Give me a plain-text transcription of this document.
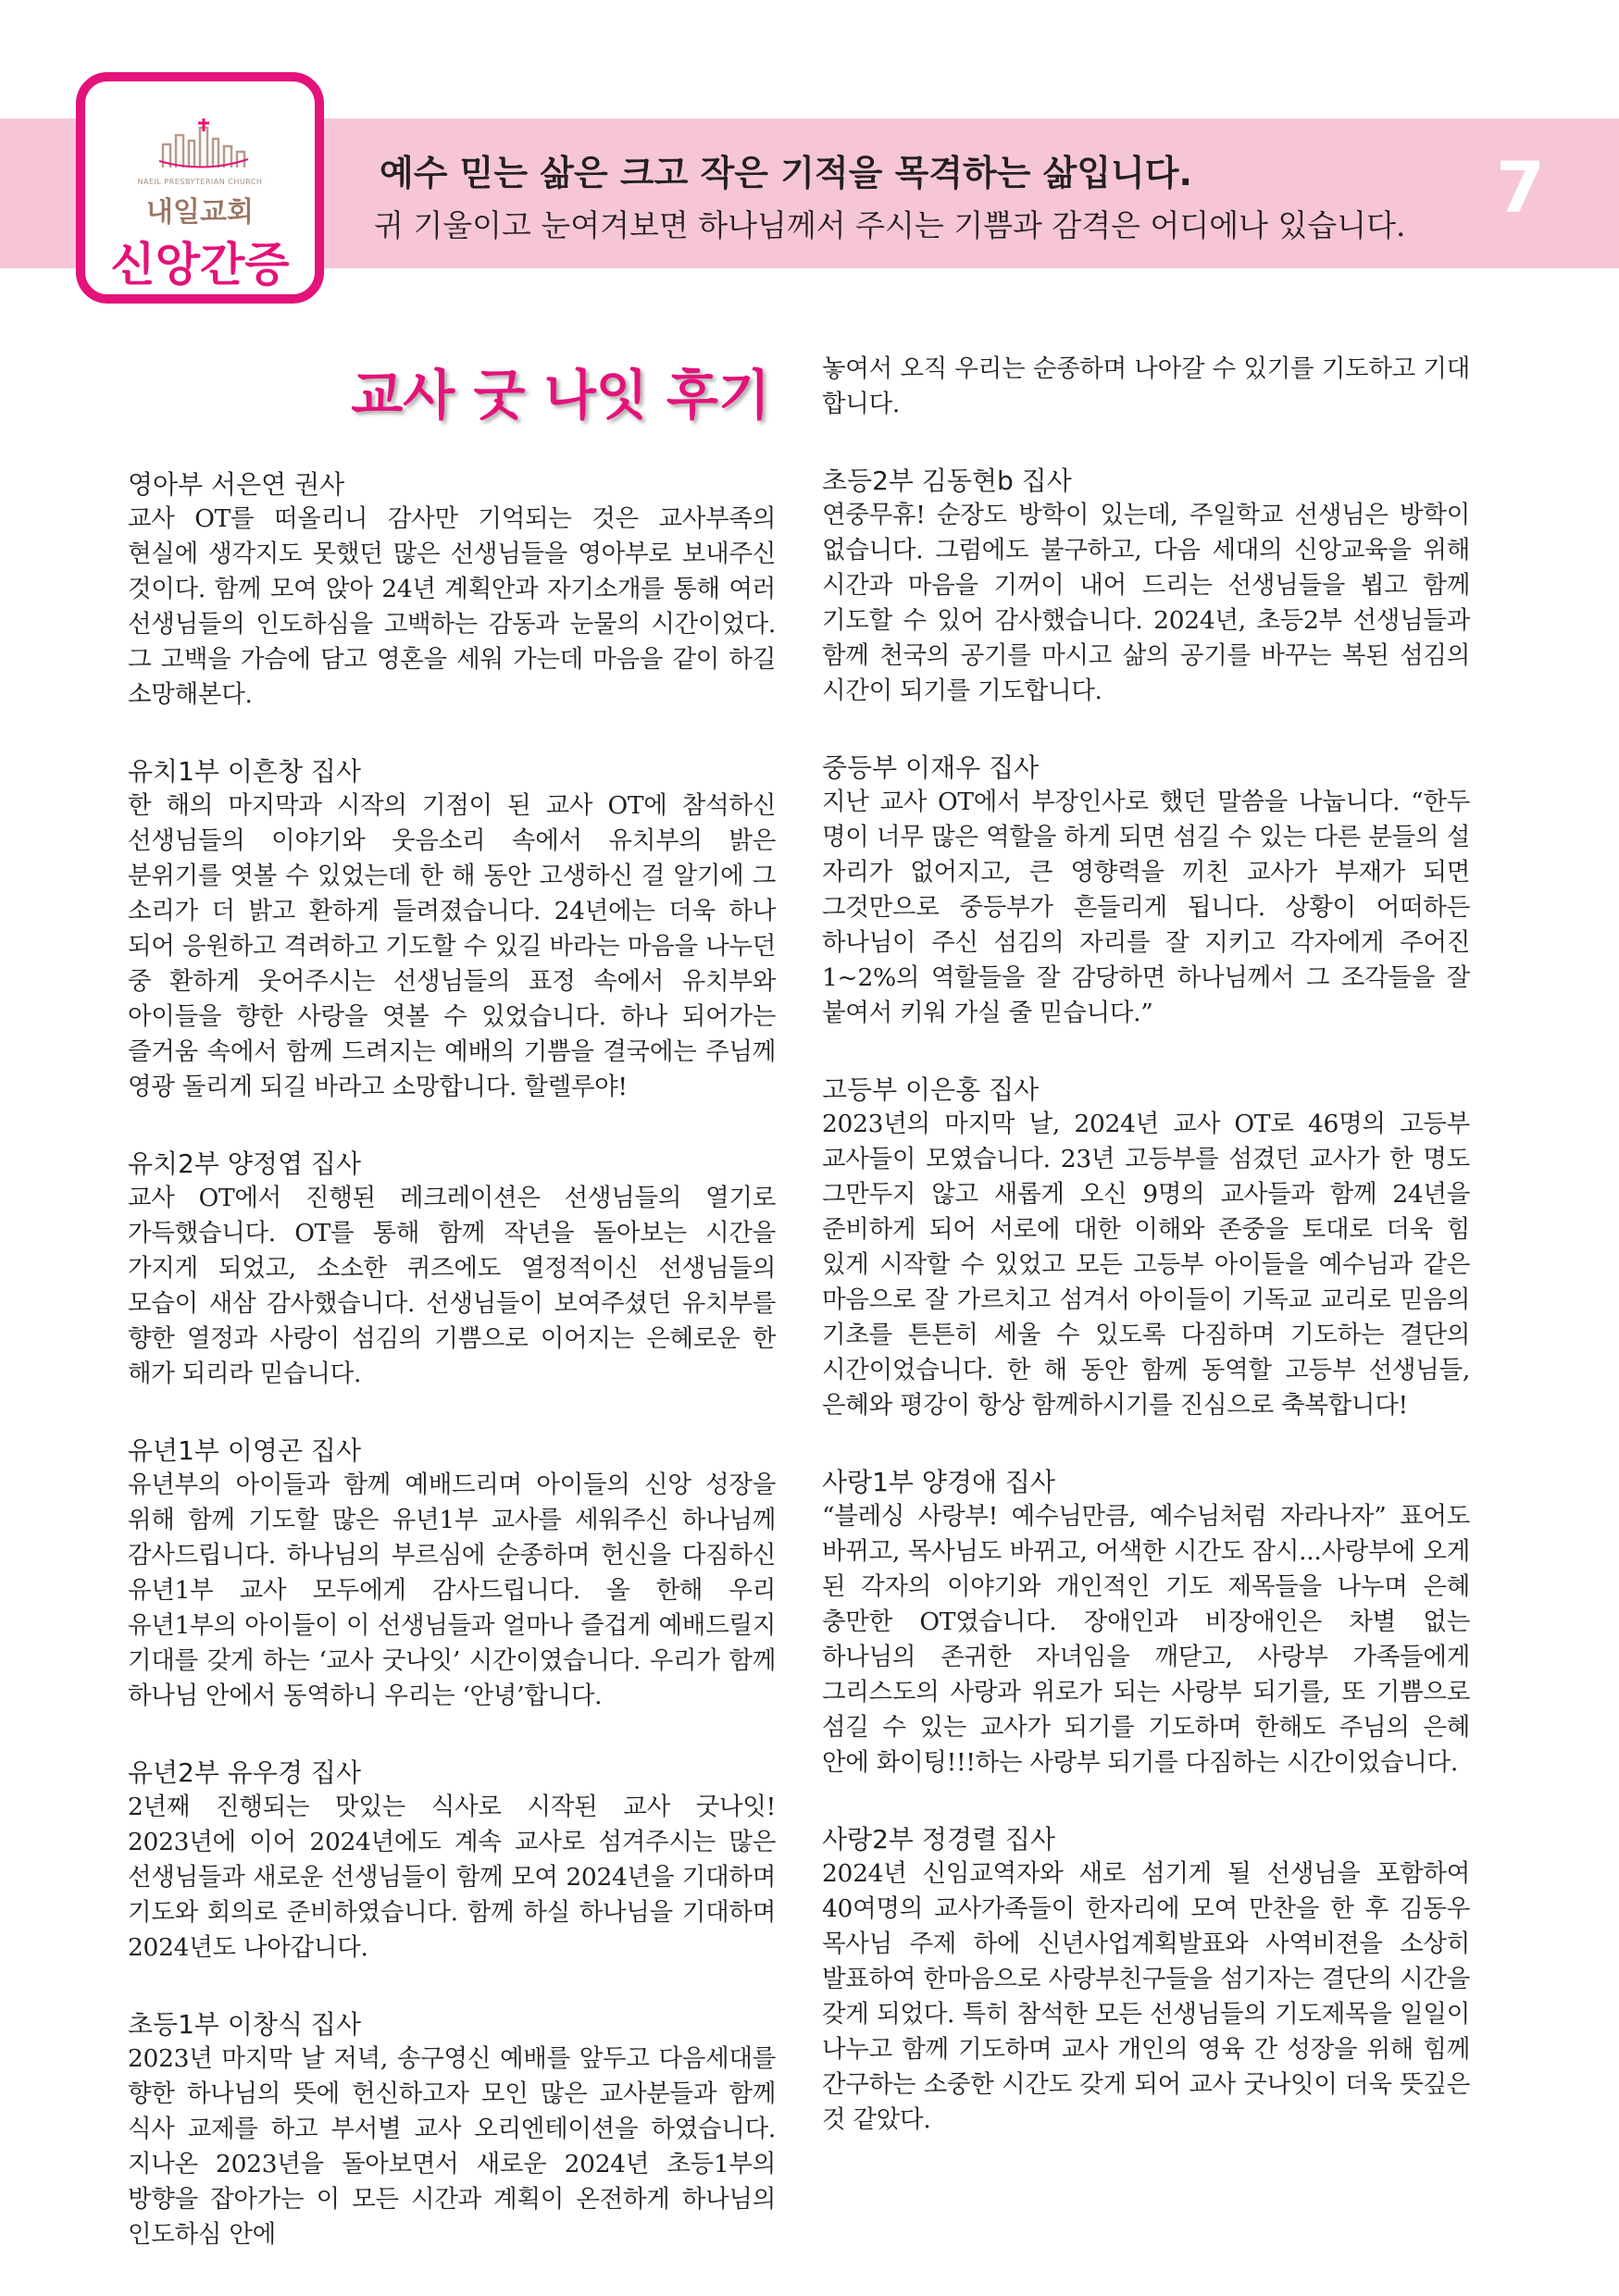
NAEIL PRESBYTERIAN CHURCH
내일교회
신앙간증
예수 믿는 삶은 크고 작은 기적을 목격하는 삶입니다.

귀 기울이고 눈여겨보면 하나님께서 주시는 기쁨과 감격은 어디에나 있습니다. 7
교사 굿 나잇 후기
영아부 서은연 권사

교사 OT를 떠올리니 감사만 기억되는 것은 교사부족의 현실에 생각지도 못했던 많은 선생님들을 영아부로 보내주신 것이다. 함께 모여 앉아 24년 계획안과 자기소개를 통해 여러 선생님들의 인도하심을 고백하는 감동과 눈물의 시간이었다. 그 고백을 가슴에 담고 영혼을 세워 가는데 마음을 같이 하길 소망해본다.

유치1부 이흔창 집사

한 해의 마지막과 시작의 기점이 된 교사 OT에 참석하신 선생님들의 이야기와 웃음소리 속에서 유치부의 밝은 분위기를 엿볼 수 있었는데 한 해 동안 고생하신 걸 알기에 그 소리가 더 밝고 환하게 들려졌습니다. 24년에는 더욱 하나 되어 응원하고 격려하고 기도할 수 있길 바라는 마음을 나누던 중 환하게 웃어주시는 선생님들의 표정 속에서 유치부와 아이들을 향한 사랑을 엿볼 수 있었습니다. 하나 되어가는 즐거움 속에서 함께 드려지는 예배의 기쁨을 결국에는 주님께 영광 돌리게 되길 바라고 소망합니다. 할렐루야!

유치2부 양정엽 집사

교사 OT에서 진행된 레크레이션은 선생님들의 열기로 가득했습니다. OT를 통해 함께 작년을 돌아보는 시간을 가지게 되었고, 소소한 퀴즈에도 열정적이신 선생님들의 모습이 새삼 감사했습니다. 선생님들이 보여주셨던 유치부를 향한 열정과 사랑이 섬김의 기쁨으로 이어지는 은혜로운 한 해가 되리라 믿습니다.

유년1부 이영곤 집사

유년부의 아이들과 함께 예배드리며 아이들의 신앙 성장을 위해 함께 기도할 많은 유년1부 교사를 세워주신 하나님께 감사드립니다. 하나님의 부르심에 순종하며 헌신을 다짐하신 유년1부 교사 모두에게 감사드립니다. 올 한해 우리 유년1부의 아이들이 이 선생님들과 얼마나 즐겁게 예배드릴지 기대를 갖게 하는 ‘교사 굿나잇’ 시간이였습니다. 우리가 함께 하나님 안에서 동역하니 우리는 ‘안녕’합니다.

유년2부 유우경 집사

2년째 진행되는 맛있는 식사로 시작된 교사 굿나잇! 2023년에 이어 2024년에도 계속 교사로 섬겨주시는 많은 선생님들과 새로운 선생님들이 함께 모여 2024년을 기대하며 기도와 회의로 준비하였습니다. 함께 하실 하나님을 기대하며 2024년도 나아갑니다.

초등1부 이창식 집사

2023년 마지막 날 저녁, 송구영신 예배를 앞두고 다음세대를 향한 하나님의 뜻에 헌신하고자 모인 많은 교사분들과 함께 식사 교제를 하고 부서별 교사 오리엔테이션을 하였습니다. 지나온 2023년을 돌아보면서 새로운 2024년 초등1부의 방향을 잡아가는 이 모든 시간과 계획이 온전하게 하나님의 인도하심 안에

놓여서 오직 우리는 순종하며 나아갈 수 있기를 기도하고 기대합니다.

초등2부 김동현b 집사

연중무휴! 순장도 방학이 있는데, 주일학교 선생님은 방학이 없습니다. 그럼에도 불구하고, 다음 세대의 신앙교육을 위해 시간과 마음을 기꺼이 내어 드리는 선생님들을 뵙고 함께 기도할 수 있어 감사했습니다. 2024년, 초등2부 선생님들과 함께 천국의 공기를 마시고 삶의 공기를 바꾸는 복된 섬김의 시간이 되기를 기도합니다.

중등부 이재우 집사

지난 교사 OT에서 부장인사로 했던 말씀을 나눕니다. “한두 명이 너무 많은 역할을 하게 되면 섬길 수 있는 다른 분들의 설 자리가 없어지고, 큰 영향력을 끼친 교사가 부재가 되면 그것만으로 중등부가 흔들리게 됩니다. 상황이 어떠하든 하나님이 주신 섬김의 자리를 잘 지키고 각자에게 주어진 1~2%의 역할들을 잘 감당하면 하나님께서 그 조각들을 잘 붙여서 키워 가실 줄 믿습니다.”

고등부 이은홍 집사

2023년의 마지막 날, 2024년 교사 OT로 46명의 고등부 교사들이 모였습니다. 23년 고등부를 섬겼던 교사가 한 명도 그만두지 않고 새롭게 오신 9명의 교사들과 함께 24년을 준비하게 되어 서로에 대한 이해와 존중을 토대로 더욱 힘 있게 시작할 수 있었고 모든 고등부 아이들을 예수님과 같은 마음으로 잘 가르치고 섬겨서 아이들이 기독교 교리로 믿음의 기초를 튼튼히 세울 수 있도록 다짐하며 기도하는 결단의 시간이었습니다. 한 해 동안 함께 동역할 고등부 선생님들, 은혜와 평강이 항상 함께하시기를 진심으로 축복합니다!

사랑1부 양경애 집사

“블레싱 사랑부! 예수님만큼, 예수님처럼 자라나자” 표어도 바뀌고, 목사님도 바뀌고, 어색한 시간도 잠시...사랑부에 오게 된 각자의 이야기와 개인적인 기도 제목들을 나누며 은혜 충만한 OT였습니다. 장애인과 비장애인은 차별 없는 하나님의 존귀한 자녀임을 깨닫고, 사랑부 가족들에게 그리스도의 사랑과 위로가 되는 사랑부 되기를, 또 기쁨으로 섬길 수 있는 교사가 되기를 기도하며 한해도 주님의 은혜 안에 화이팅!!!하는 사랑부 되기를 다짐하는 시간이었습니다.

사랑2부 정경렬 집사

2024년 신임교역자와 새로 섬기게 될 선생님을 포함하여 40여명의 교사가족들이 한자리에 모여 만찬을 한 후 김동우 목사님 주제 하에 신년사업계획발표와 사역비젼을 소상히 발표하여 한마음으로 사랑부친구들을 섬기자는 결단의 시간을 갖게 되었다. 특히 참석한 모든 선생님들의 기도제목을 일일이 나누고 함께 기도하며 교사 개인의 영육 간 성장을 위해 힘께 간구하는 소중한 시간도 갖게 되어 교사 굿나잇이 더욱 뜻깊은 것 같았다.
